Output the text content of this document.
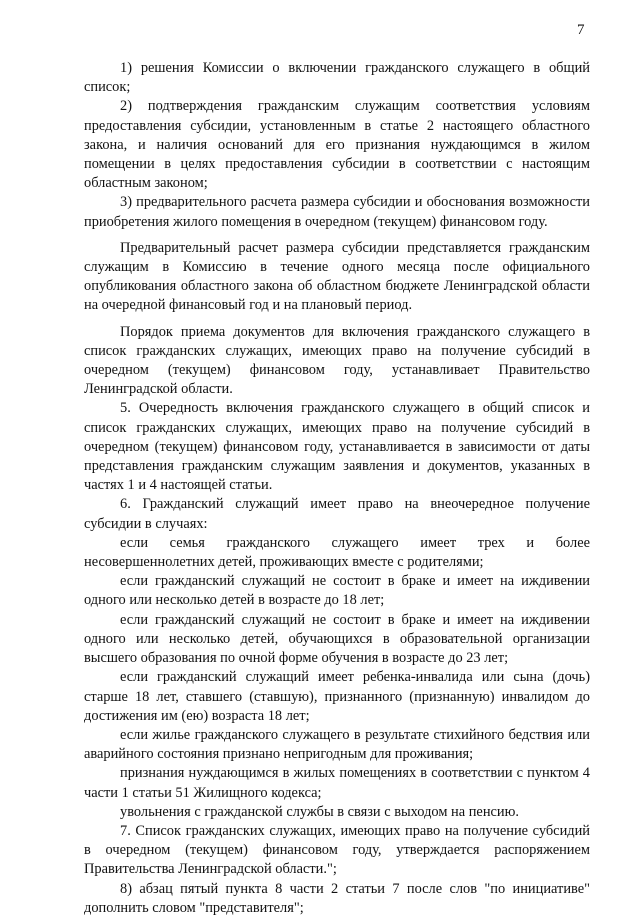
7

1) решения Комиссии о включении гражданского служащего в общий список;

2) подтверждения гражданским служащим соответствия условиям предоставления субсидии, установленным в статье 2 настоящего областного закона, и наличия оснований для его признания нуждающимся в жилом помещении в целях предоставления субсидии в соответствии с настоящим областным законом;

3) предварительного расчета размера субсидии и обоснования возможности приобретения жилого помещения в очередном (текущем) финансовом году.

Предварительный расчет размера субсидии представляется гражданским служащим в Комиссию в течение одного месяца после официального опубликования областного закона об областном бюджете Ленинградской области на очередной финансовый год и на плановый период.

Порядок приема документов для включения гражданского служащего в список гражданских служащих, имеющих право на получение субсидий в очередном (текущем) финансовом году, устанавливает Правительство Ленинградской области.

5. Очередность включения гражданского служащего в общий список и список гражданских служащих, имеющих право на получение субсидий в очередном (текущем) финансовом году, устанавливается в зависимости от даты представления гражданским служащим заявления и документов, указанных в частях 1 и 4 настоящей статьи.

6. Гражданский служащий имеет право на внеочередное получение субсидии в случаях:

если семья гражданского служащего имеет трех и более несовершеннолетних детей, проживающих вместе с родителями;

если гражданский служащий не состоит в браке и имеет на иждивении одного или несколько детей в возрасте до 18 лет;

если гражданский служащий не состоит в браке и имеет на иждивении одного или несколько детей, обучающихся в образовательной организации высшего образования по очной форме обучения в возрасте до 23 лет;

если гражданский служащий имеет ребенка-инвалида или сына (дочь) старше 18 лет, ставшего (ставшую), признанного (признанную) инвалидом до достижения им (ею) возраста 18 лет;

если жилье гражданского служащего в результате стихийного бедствия или аварийного состояния признано непригодным для проживания;

признания нуждающимся в жилых помещениях в соответствии с пунктом 4 части 1 статьи 51 Жилищного кодекса;

увольнения с гражданской службы в связи с выходом на пенсию.

7. Список гражданских служащих, имеющих право на получение субсидий в очередном (текущем) финансовом году, утверждается распоряжением Правительства Ленинградской области.";

8) абзац пятый пункта 8 части 2 статьи 7 после слов "по инициативе" дополнить словом "представителя";
